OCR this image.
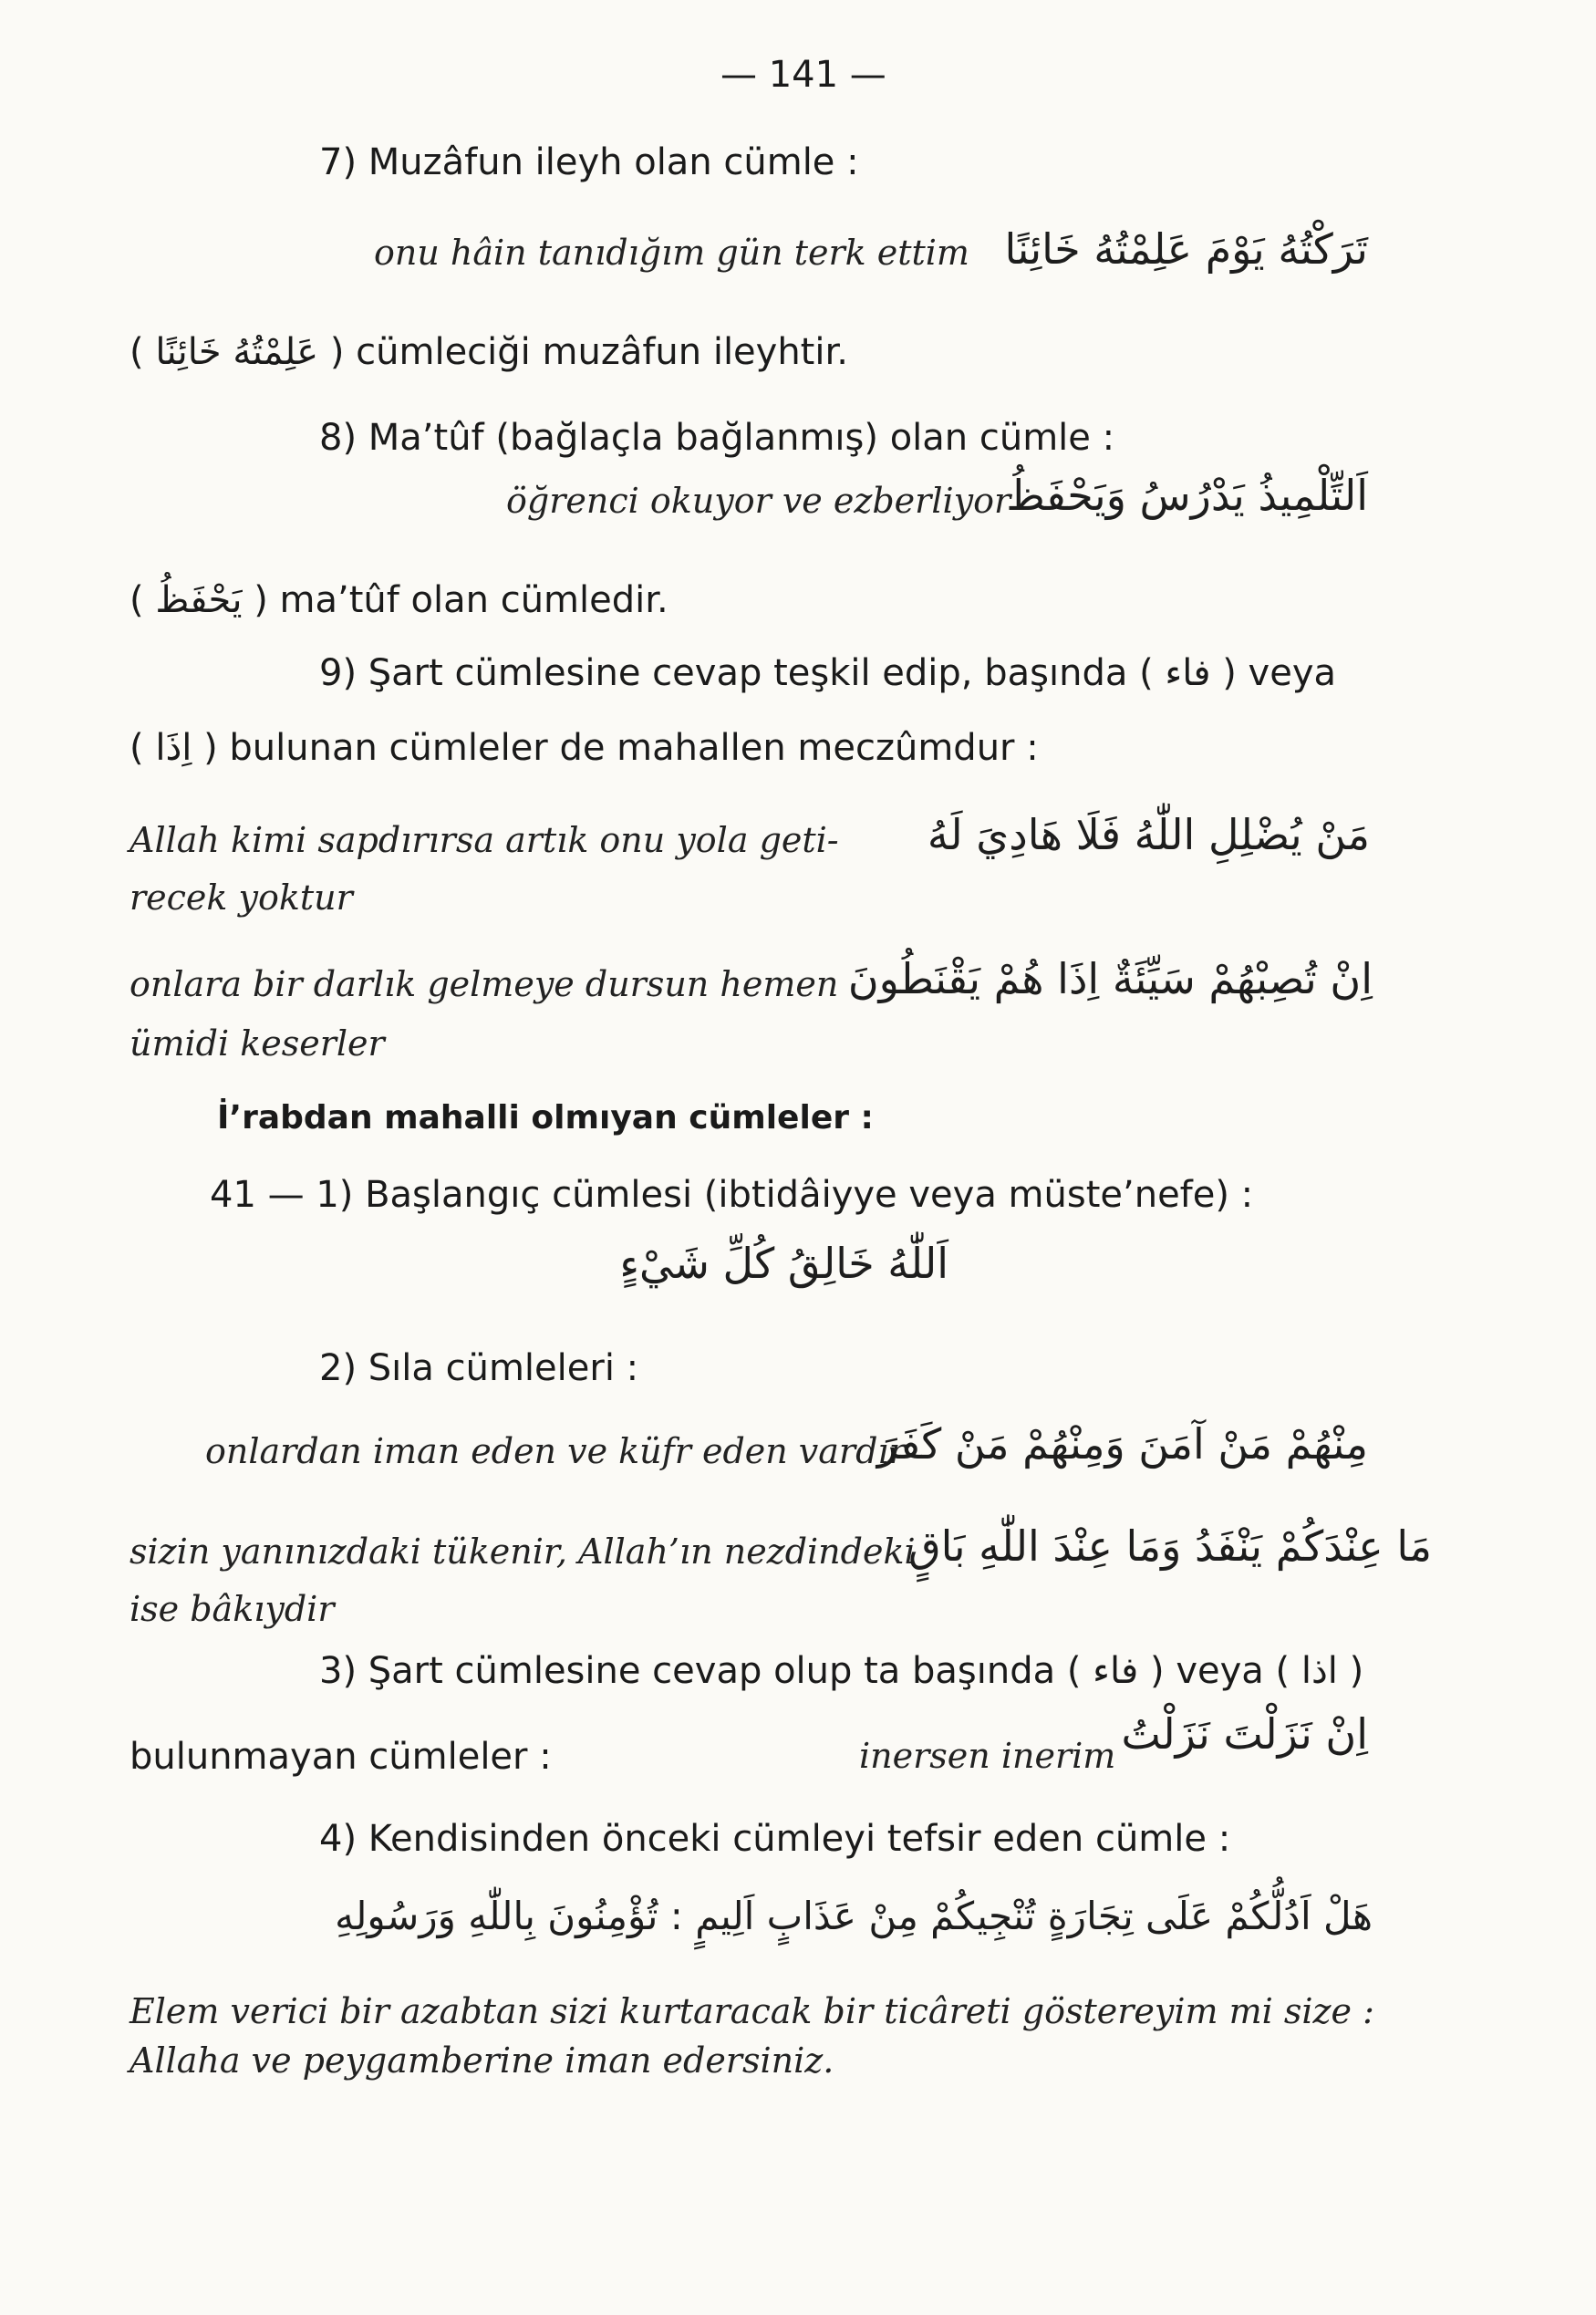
— 141 —
7) Muzâfun ileyh olan cümle :
onu hâin tanıdığım gün terk ettim تَرَكْتُهُ يَوْمَ عَلِمْتُهُ خَائِنًا
( عَلِمْتُهُ خَائِنًا ) cümleciği muzâfun ileyhtir.
8) Ma’tûf (bağlaçla bağlanmış) olan cümle :
öğrenci okuyor ve ezberliyor
اَلتِّلْمِيذُ يَدْرُسُ وَيَحْفَظُ
( يَحْفَظُ ) ma’tûf olan cümledir.
9) Şart cümlesine cevap teşkil edip, başında ( فاء ) veya
( اِذَا ) bulunan cümleler de mahallen meczûmdur :
Allah kimi sapdırırsa artık onu yola geti- مَنْ يُضْلِلِ اللّٰهُ فَلَا هَادِيَ لَهُ
recek yoktur
onlara bir darlık gelmeye dursun hemen اِنْ تُصِبْهُمْ سَيِّئَةٌ اِذَا هُمْ يَقْنَطُونَ
ümidi keserler
İ’rabdan mahalli olmıyan cümleler :
41 — 1) Başlangıç cümlesi (ibtidâiyye veya müste’nefe) :
اَللّٰهُ خَالِقُ كُلِّ شَيْءٍ
2) Sıla cümleleri :
onlardan iman eden ve küfr eden vardır
مِنْهُمْ مَنْ آمَنَ وَمِنْهُمْ مَنْ كَفَرَ
sizin yanınızdaki tükenir, Allah’ın nezdindeki
مَا عِنْدَكُمْ يَنْفَدُ وَمَا عِنْدَ اللّٰهِ بَاقٍ
ise bâkıydir
3) Şart cümlesine cevap olup ta başında ( فاء ) veya ( اذا )
اِنْ نَزَلْتَ نَزَلْتُ
bulunmayan cümleler :	inersen inerim
4) Kendisinden önceki cümleyi tefsir eden cümle :
هَلْ اَدُلُّكُمْ عَلَى تِجَارَةٍ تُنْجِيكُمْ مِنْ عَذَابٍ اَلِيمٍ : تُؤْمِنُونَ بِاللّٰهِ وَرَسُولِهِ
Elem verici bir azabtan sizi kurtaracak bir ticâreti göstereyim mi size :
Allaha ve peygamberine iman edersiniz.
